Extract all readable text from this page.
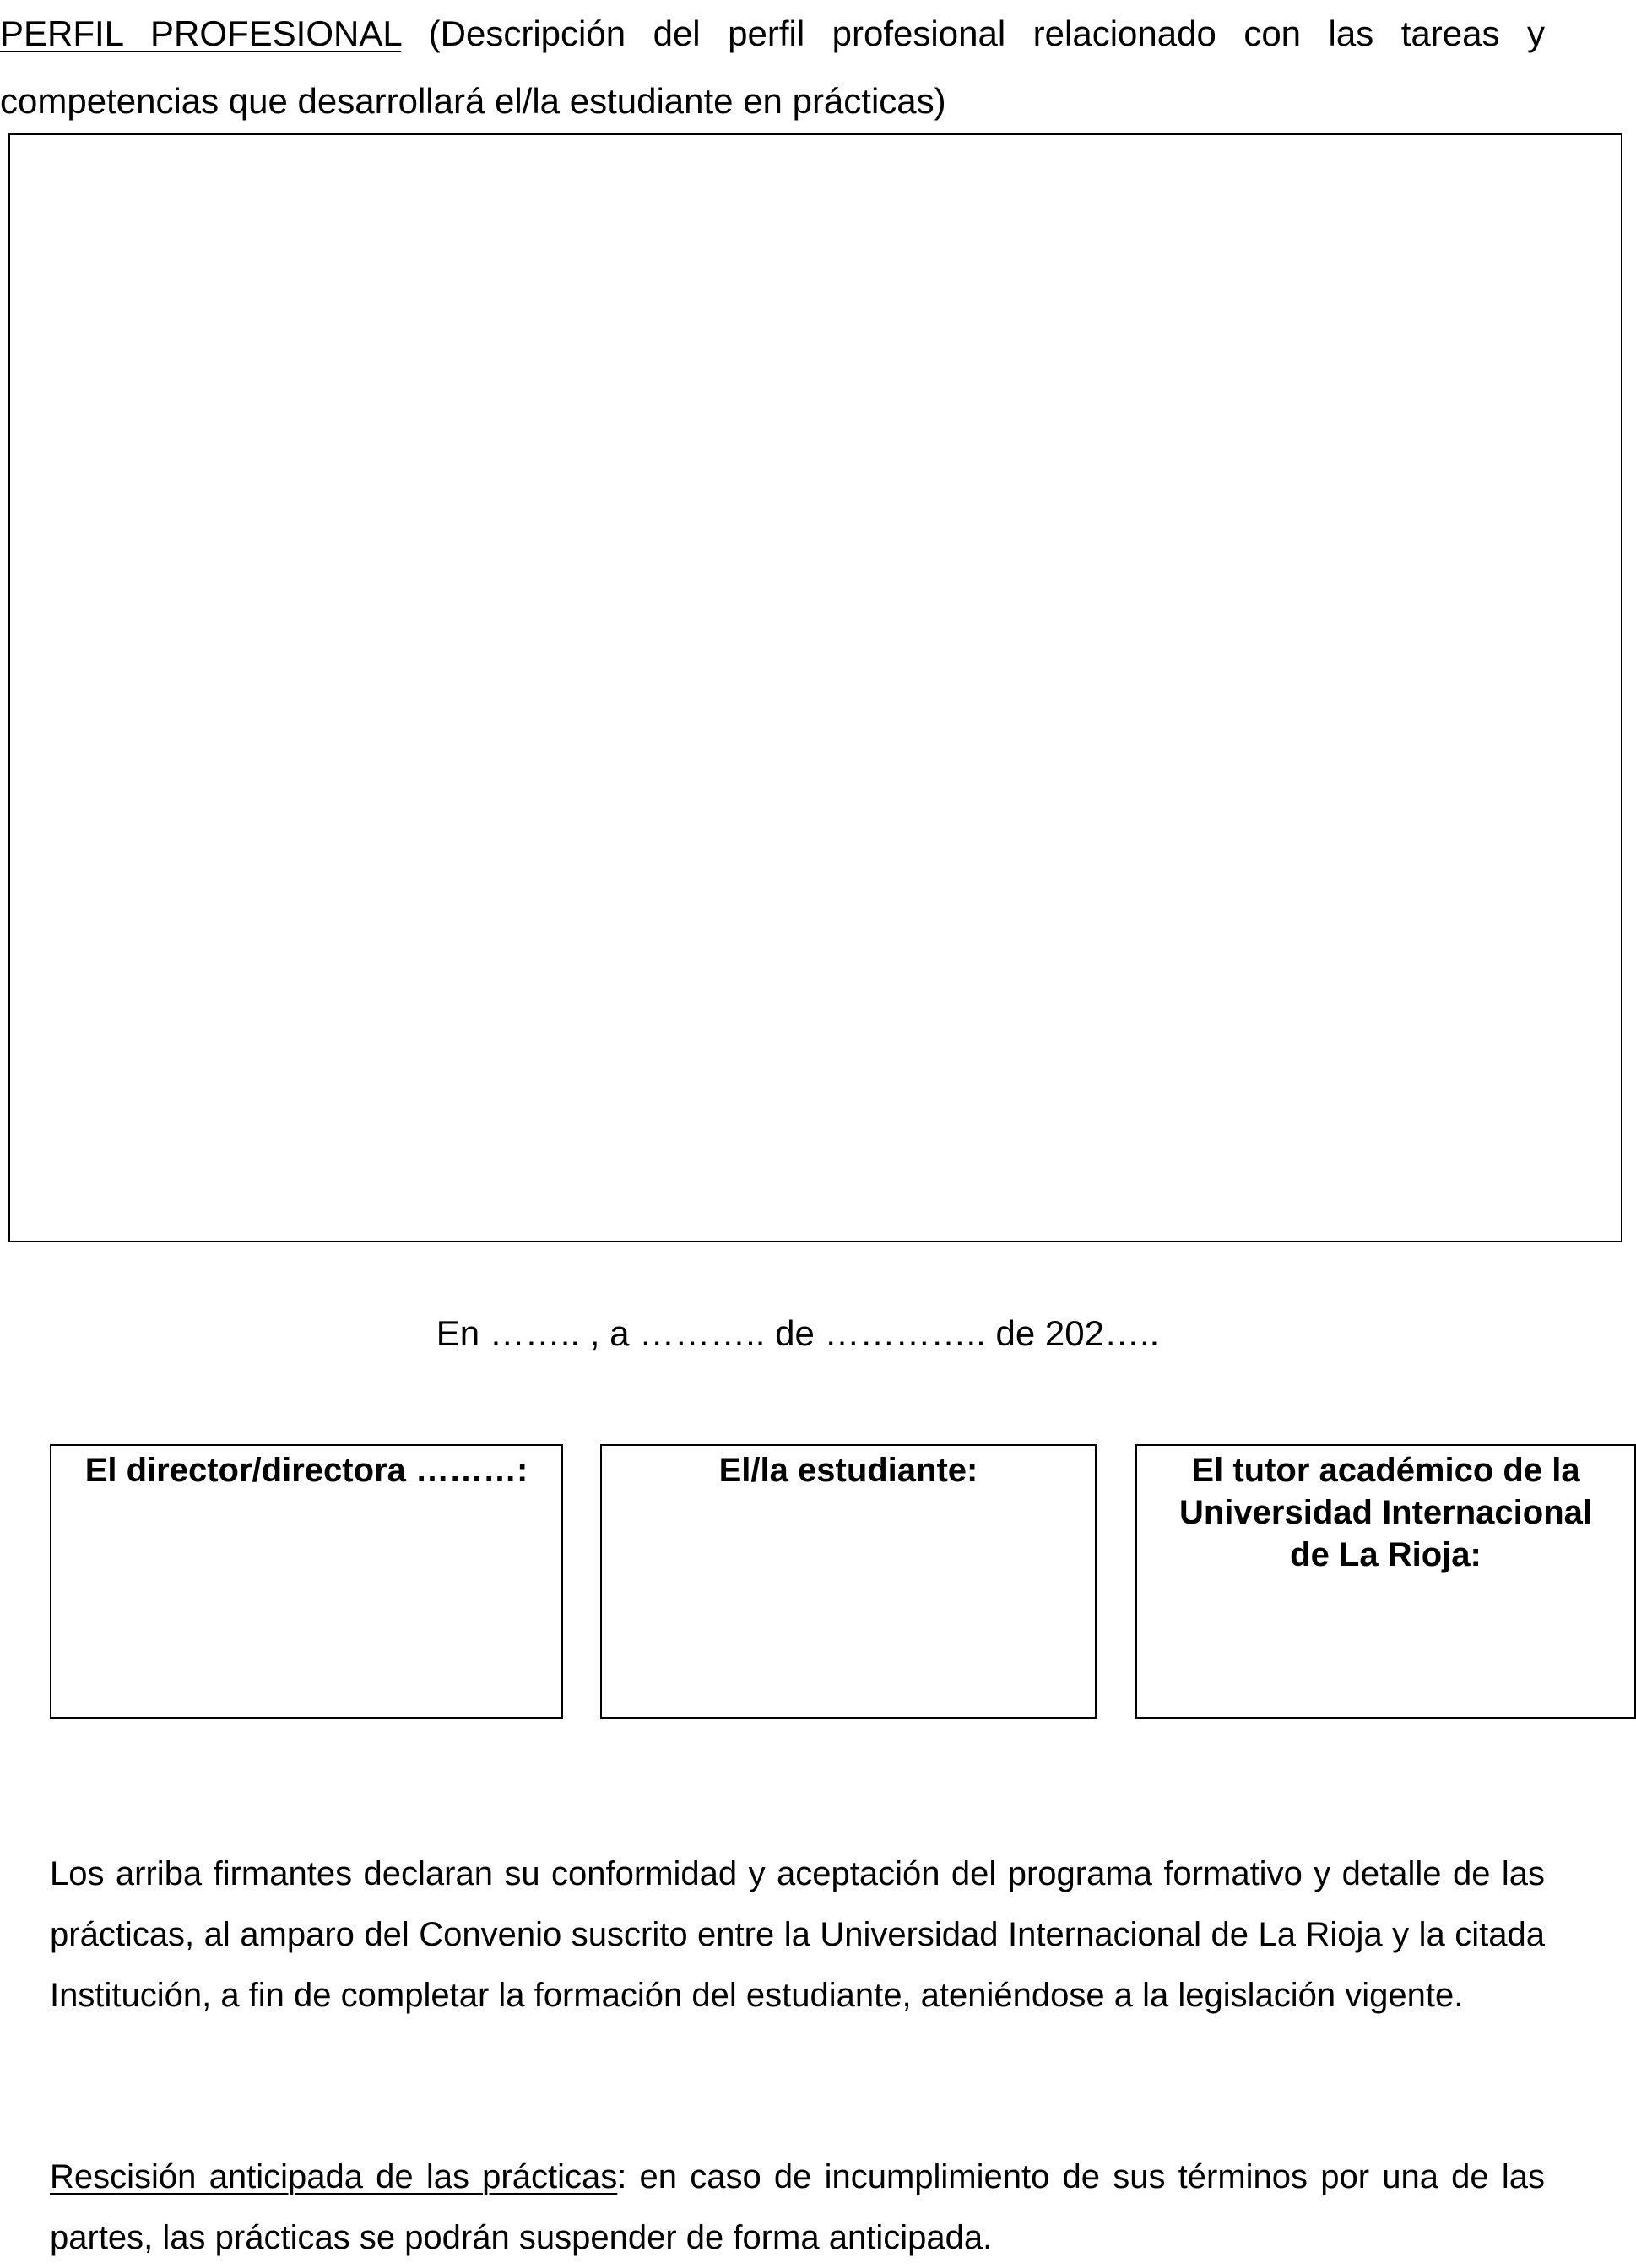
PERFIL PROFESIONAL (Descripción del perfil profesional relacionado con las tareas y competencias que desarrollará el/la estudiante en prácticas)

En …….. , a ……….. de ………….. de 202…..

El director/directora ………:	El/la estudiante:	El tutor académico de la
Universidad Internacional
de La Rioja:

Los arriba firmantes declaran su conformidad y aceptación del programa formativo y detalle de las prácticas, al amparo del Convenio suscrito entre la Universidad Internacional de La Rioja y la citada Institución, a fin de completar la formación del estudiante, ateniéndose a la legislación vigente.

Rescisión anticipada de las prácticas: en caso de incumplimiento de sus términos por una de las partes, las prácticas se podrán suspender de forma anticipada.
